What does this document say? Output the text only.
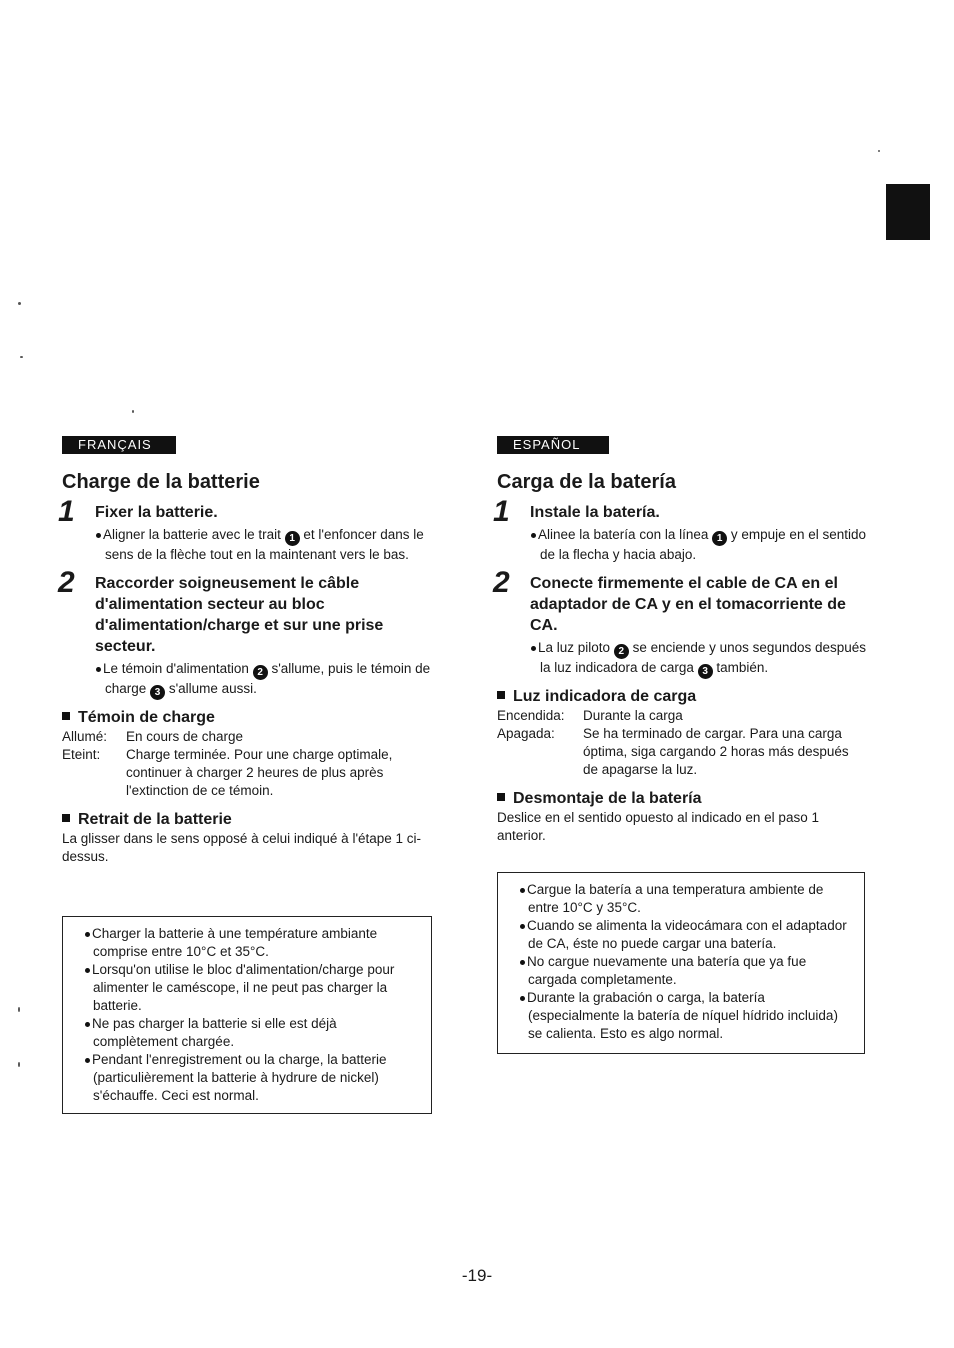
FRANÇAIS
Charge de la batterie
1 Fixer la batterie.
Aligner la batterie avec le trait 1 et l'enfoncer dans le sens de la flèche tout en la maintenant vers le bas.
2 Raccorder soigneusement le câble d'alimentation secteur au bloc d'alimentation/charge et sur une prise secteur.
Le témoin d'alimentation 2 s'allume, puis le témoin de charge 3 s'allume aussi.
Témoin de charge
Allumé:	En cours de charge
Eteint:	Charge terminée. Pour une charge optimale, continuer à charger 2 heures de plus après l'extinction de ce témoin.
Retrait de la batterie
La glisser dans le sens opposé à celui indiqué à l'étape 1 ci-dessus.
Charger la batterie à une température ambiante comprise entre 10°C et 35°C.
Lorsqu'on utilise le bloc d'alimentation/charge pour alimenter le caméscope, il ne peut pas charger la batterie.
Ne pas charger la batterie si elle est déjà complètement chargée.
Pendant l'enregistrement ou la charge, la batterie (particulièrement la batterie à hydrure de nickel) s'échauffe. Ceci est normal.
ESPAÑOL
Carga de la batería
1 Instale la batería.
Alinee la batería con la línea 1 y empuje en el sentido de la flecha y hacia abajo.
2 Conecte firmemente el cable de CA en el adaptador de CA y en el tomacorriente de CA.
La luz piloto 2 se enciende y unos segundos después la luz indicadora de carga 3 también.
Luz indicadora de carga
Encendida:	Durante la carga
Apagada:	Se ha terminado de cargar. Para una carga óptima, siga cargando 2 horas más después de apagarse la luz.
Desmontaje de la batería
Deslice en el sentido opuesto al indicado en el paso 1 anterior.
Cargue la batería a una temperatura ambiente de entre 10°C y 35°C.
Cuando se alimenta la videocámara con el adaptador de CA, éste no puede cargar una batería.
No cargue nuevamente una batería que ya fue cargada completamente.
Durante la grabación o carga, la batería (especialmente la batería de níquel hídrido incluida) se calienta. Esto es algo normal.
-19-
